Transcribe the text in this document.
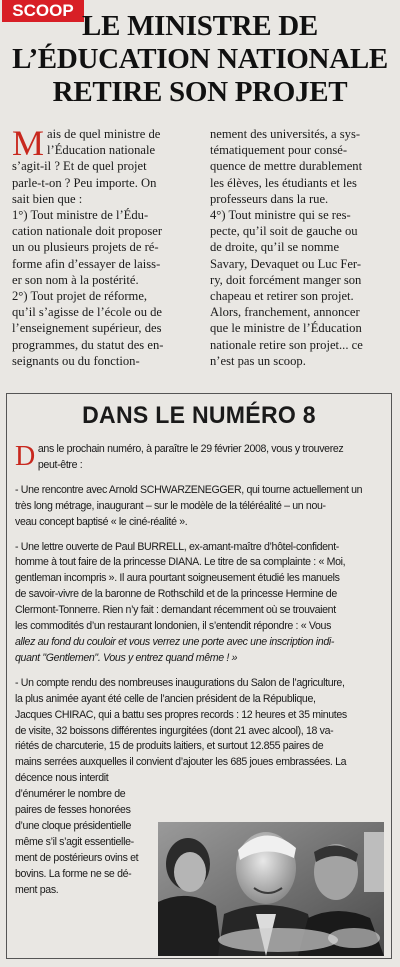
SCOOP LE MINISTRE DE
L’ÉDUCATION NATIONALE
RETIRE SON PROJET
M ais de quel ministre de
l’Éducation nationale
s’agit-il ? Et de quel projet
parle-t-on ? Peu importe. On
sait bien que :
1°) Tout ministre de l’Édu-
cation nationale doit proposer
un ou plusieurs projets de ré-
forme afin d’essayer de laiss-
er son nom à la postérité.
2°) Tout projet de réforme,
qu’il s’agisse de l’école ou de
l’enseignement supérieur, des
programmes, du statut des en-
seignants ou du fonction-
nement des universités, a sys-
tématiquement pour consé-
quence de mettre durablement
les élèves, les étudiants et les
professeurs dans la rue.
4°) Tout ministre qui se res-
pecte, qu’il soit de gauche ou
de droite, qu’il se nomme
Savary, Devaquet ou Luc Fer-
ry, doit forcément manger son
chapeau et retirer son projet.
Alors, franchement, annoncer
que le ministre de l’Éducation
nationale retire son projet... ce
n’est pas un scoop.
DANS LE NUMÉRO 8
D ans le prochain numéro, à paraître le 29 février 2008, vous y trouverez
peut-être :
- Une rencontre avec Arnold SCHWARZENEGGER, qui tourne actuellement un
très long métrage, inaugurant – sur le modèle de la téléréalité – un nou-
veau concept baptisé « le ciné-réalité ».
- Une lettre ouverte de Paul BURRELL, ex-amant-maître d’hôtel-confident-
homme à tout faire de la princesse DIANA. Le titre de sa complainte : « Moi,
gentleman incompris ». Il aura pourtant soigneusement étudié les manuels
de savoir-vivre de la baronne de Rothschild et de la princesse Hermine de
Clermont-Tonnerre. Rien n’y fait : demandant récemment où se trouvaient
les commodités d’un restaurant londonien, il s’entendit répondre : « Vous
allez au fond du couloir et vous verrez une porte avec une inscription indi-
quant "Gentlemen". Vous y entrez quand même ! »
- Un compte rendu des nombreuses inaugurations du Salon de l’agriculture,
la plus animée ayant été celle de l’ancien président de la République,
Jacques CHIRAC, qui a battu ses propres records : 12 heures et 35 minutes
de visite, 32 boissons différentes ingurgitées (dont 21 avec alcool), 18 va-
riétés de charcuterie, 15 de produits laitiers, et surtout 12.855 paires de
mains serrées auxquelles il convient d’ajouter les 685 joues embrassées. La
décence nous interdit
d’énumérer le nombre de
paires de fesses honorées
d’une cloque présidentielle
même s’il s’agit essentielle-
ment de postérieurs ovins et
bovins. La forme ne se dé-
ment pas.
